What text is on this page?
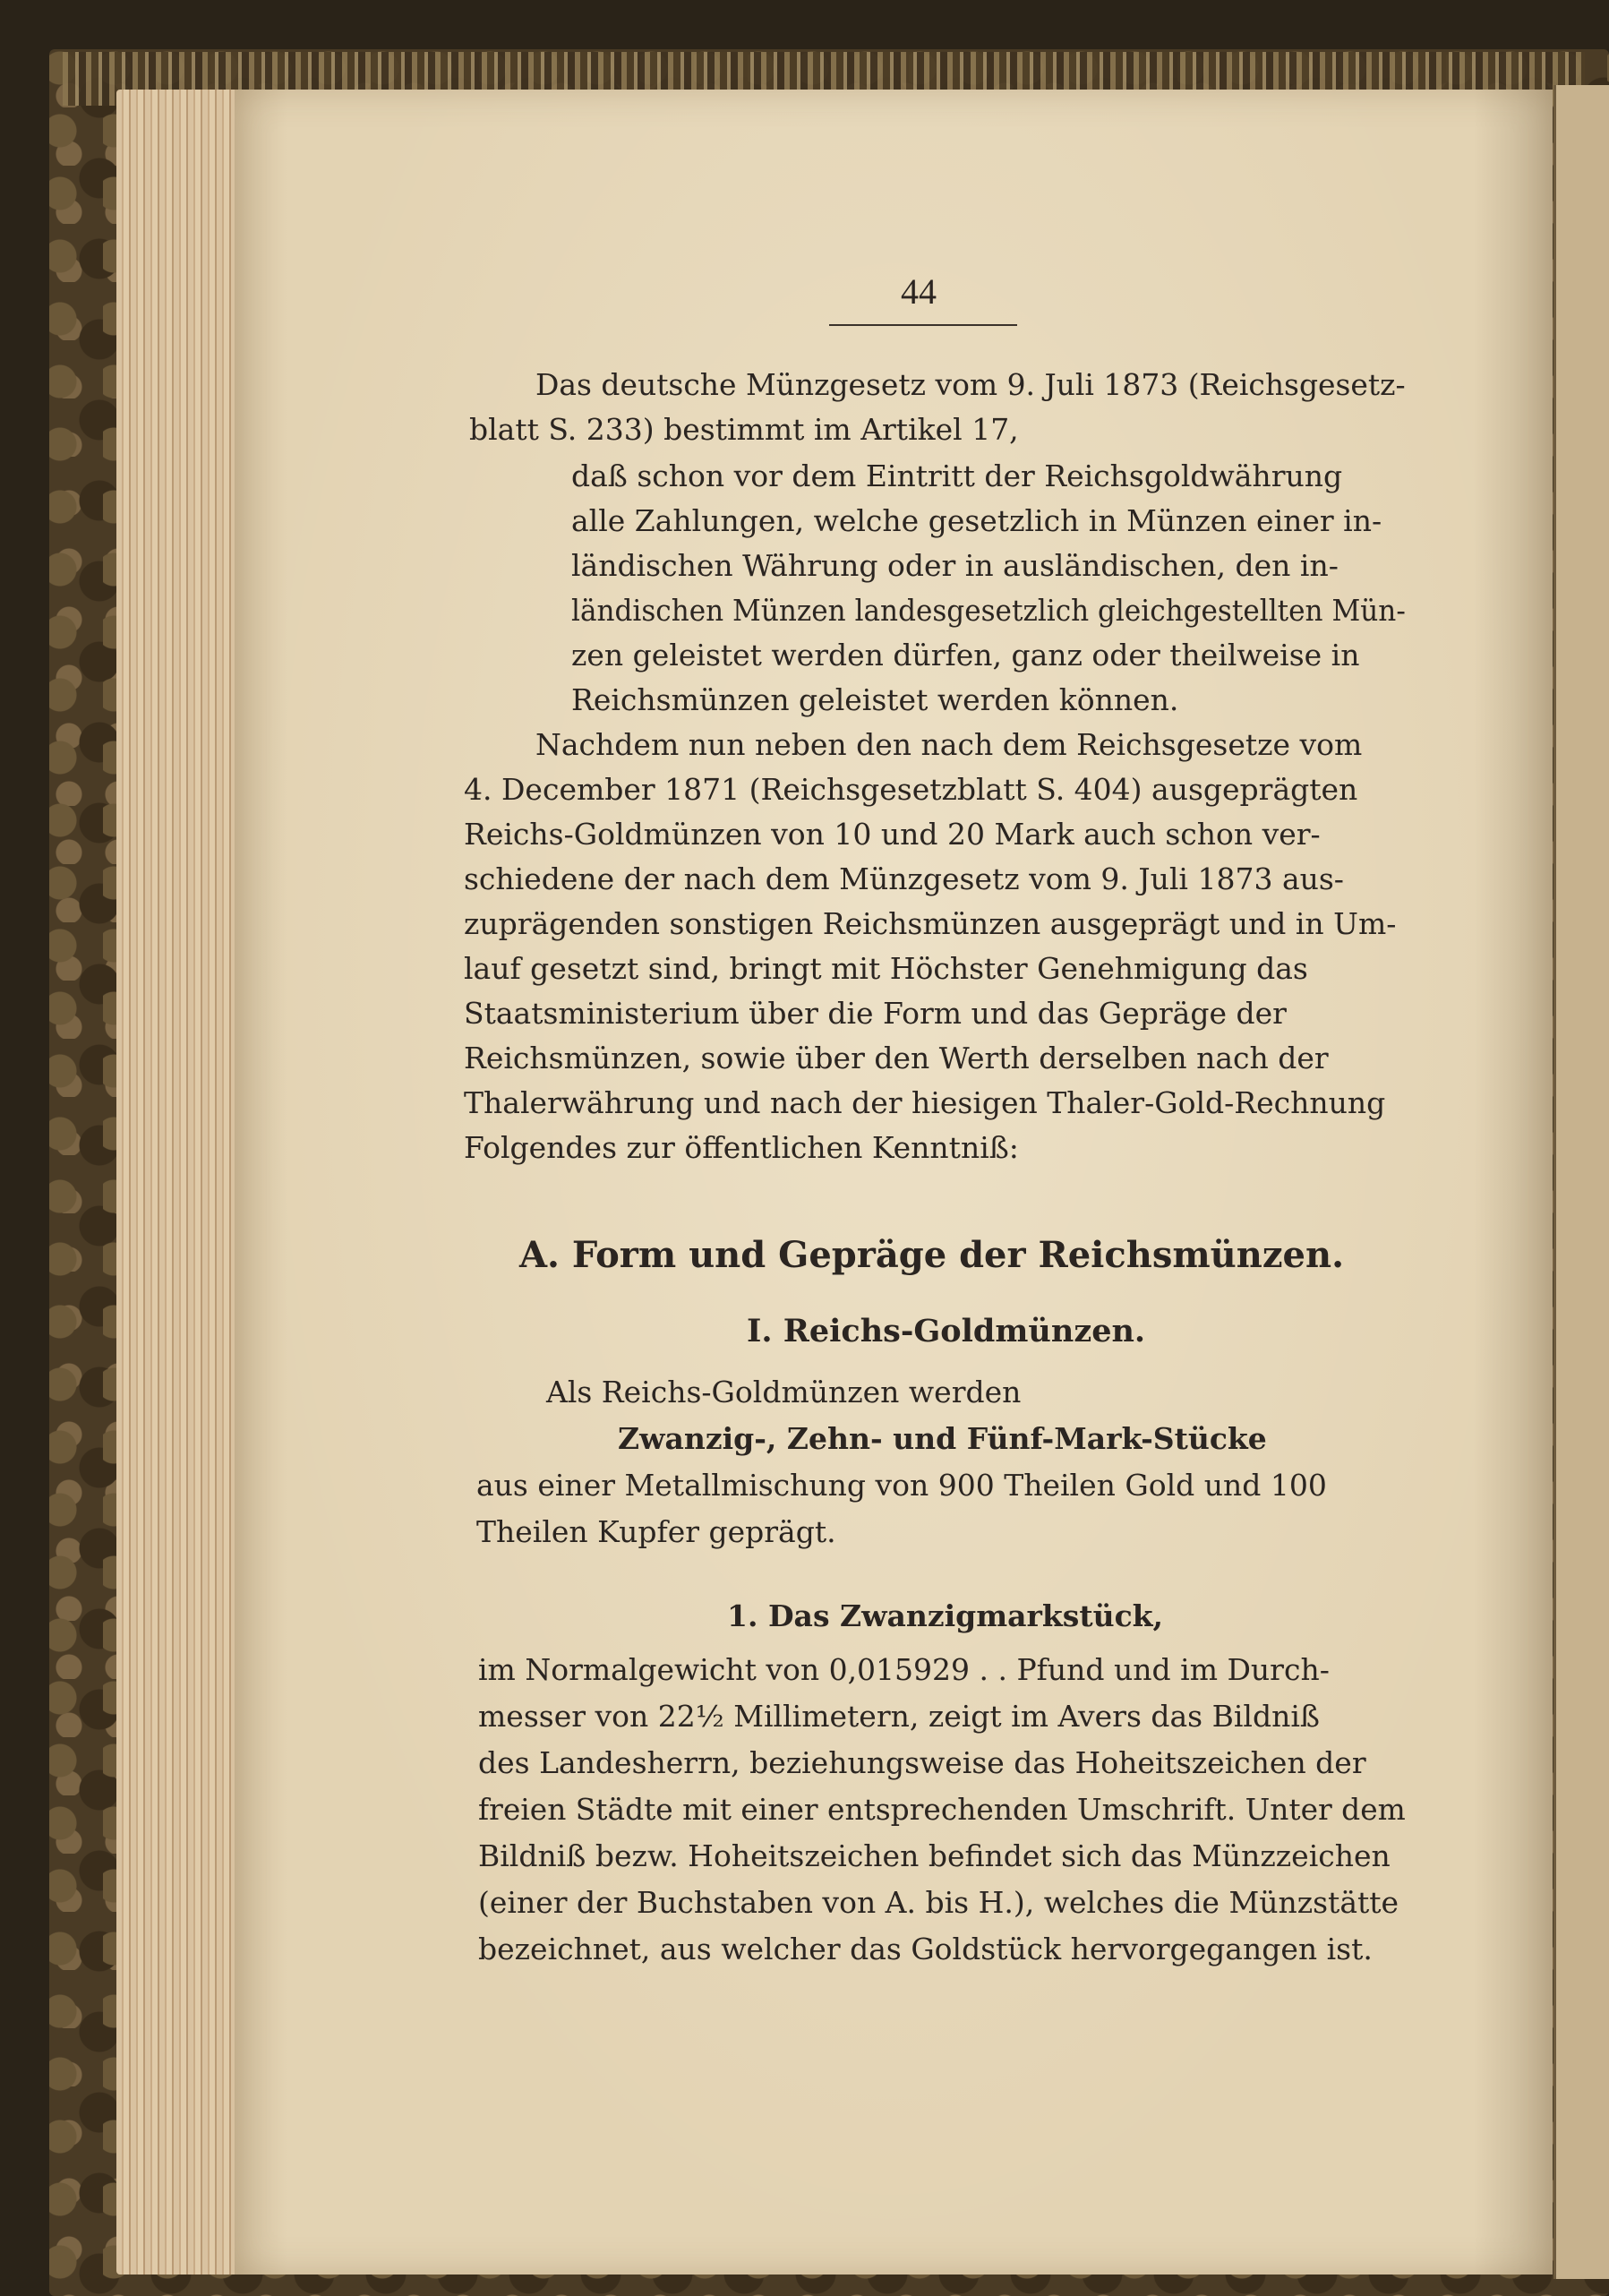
44
Das deutsche Münzgesetz vom 9. Juli 1873 (Reichsgesetz-
blatt S. 233) bestimmt im Artikel 17,
daß schon vor dem Eintritt der Reichsgoldwährung
alle Zahlungen, welche gesetzlich in Münzen einer in-
ländischen Währung oder in ausländischen, den in-
ländischen Münzen landesgesetzlich gleichgestellten Mün-
zen geleistet werden dürfen, ganz oder theilweise in
Reichsmünzen geleistet werden können.
Nachdem nun neben den nach dem Reichsgesetze vom
4. December 1871 (Reichsgesetzblatt S. 404) ausgeprägten
Reichs-Goldmünzen von 10 und 20 Mark auch schon ver-
schiedene der nach dem Münzgesetz vom 9. Juli 1873 aus-
zuprägenden sonstigen Reichsmünzen ausgeprägt und in Um-
lauf gesetzt sind, bringt mit Höchster Genehmigung das
Staatsministerium über die Form und das Gepräge der
Reichsmünzen, sowie über den Werth derselben nach der
Thalerwährung und nach der hiesigen Thaler-Gold-Rechnung
Folgendes zur öffentlichen Kenntniß:
A. Form und Gepräge der Reichsmünzen.
I. Reichs-Goldmünzen.
Als Reichs-Goldmünzen werden
Zwanzig-, Zehn- und Fünf-Mark-Stücke
aus einer Metallmischung von 900 Theilen Gold und 100
Theilen Kupfer geprägt.
1. Das Zwanzigmarkstück,
im Normalgewicht von 0,015929 . . Pfund und im Durch-
messer von 22½ Millimetern, zeigt im Avers das Bildniß
des Landesherrn, beziehungsweise das Hoheitszeichen der
freien Städte mit einer entsprechenden Umschrift. Unter dem
Bildniß bezw. Hoheitszeichen befindet sich das Münzzeichen
(einer der Buchstaben von A. bis H.), welches die Münzstätte
bezeichnet, aus welcher das Goldstück hervorgegangen ist.
